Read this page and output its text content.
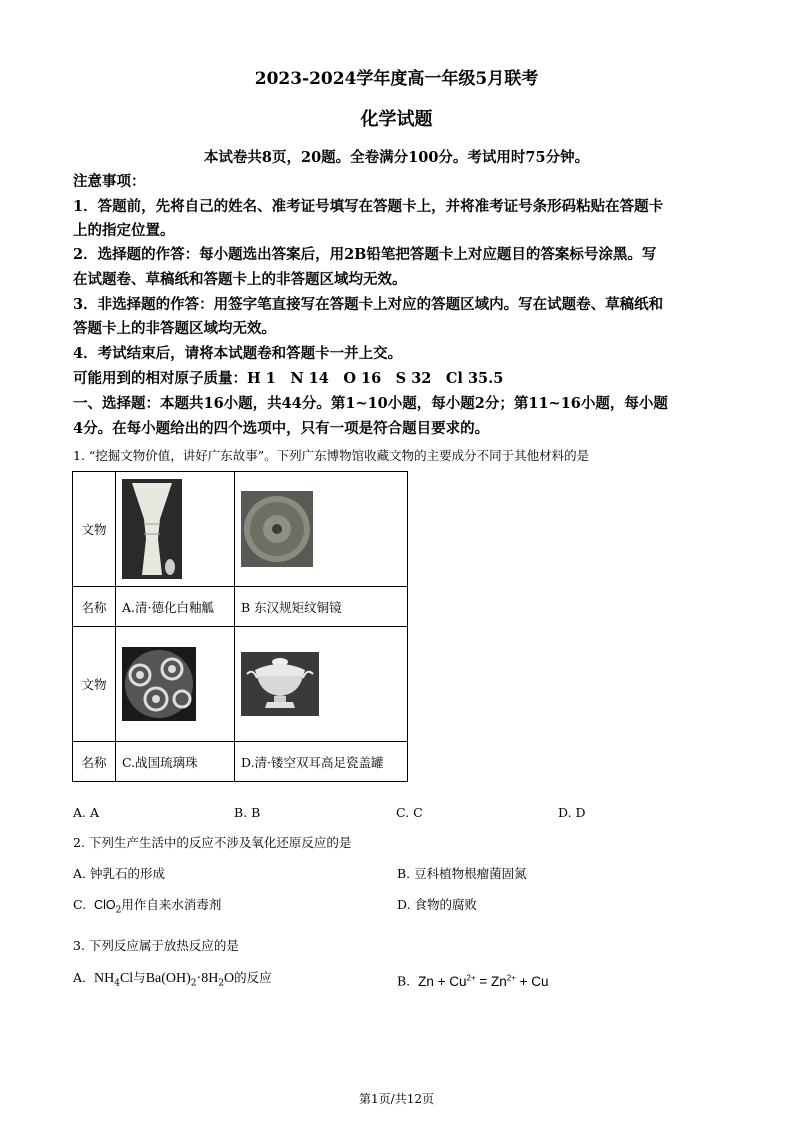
2023-2024学年度高一年级5月联考
化学试题
本试卷共8页，20题。全卷满分100分。考试用时75分钟。
注意事项：
1．答题前，先将自己的姓名、准考证号填写在答题卡上，并将准考证号条形码粘贴在答题卡
上的指定位置。
2．选择题的作答：每小题选出答案后，用2B铅笔把答题卡上对应题目的答案标号涂黑。写
在试题卷、草稿纸和答题卡上的非答题区域均无效。
3．非选择题的作答：用签字笔直接写在答题卡上对应的答题区域内。写在试题卷、草稿纸和
答题卡上的非答题区域均无效。
4．考试结束后，请将本试题卷和答题卡一并上交。
可能用到的相对原子质量：H 1　N 14　O 16　S 32　Cl 35.5
一、选择题：本题共16小题，共44分。第1~10小题，每小题2分；第11~16小题，每小题
4分。在每小题给出的四个选项中，只有一项是符合题目要求的。
1. “挖掘文物价值，讲好广东故事”。下列广东博物馆收藏文物的主要成分不同于其他材料的是
文物	

名称	A.清·德化白釉觚	B 东汉规矩纹铜镜
文物	

名称	C.战国琉璃珠	D.清·镂空双耳高足瓷盖罐
A. A	B. B	C. C	D. D
2. 下列生产生活中的反应不涉及氧化还原反应的是
A. 钟乳石的形成	B. 豆科植物根瘤菌固氮
C. ClO$_2$用作自来水消毒剂	D. 食物的腐败
3. 下列反应属于放热反应的是
A. $NH_4Cl$与$Ba(OH)_2\cdot 8H_2O$的反应	B. $Zn + Cu^{2+} = Zn^{2+} + Cu$
第1页/共12页
